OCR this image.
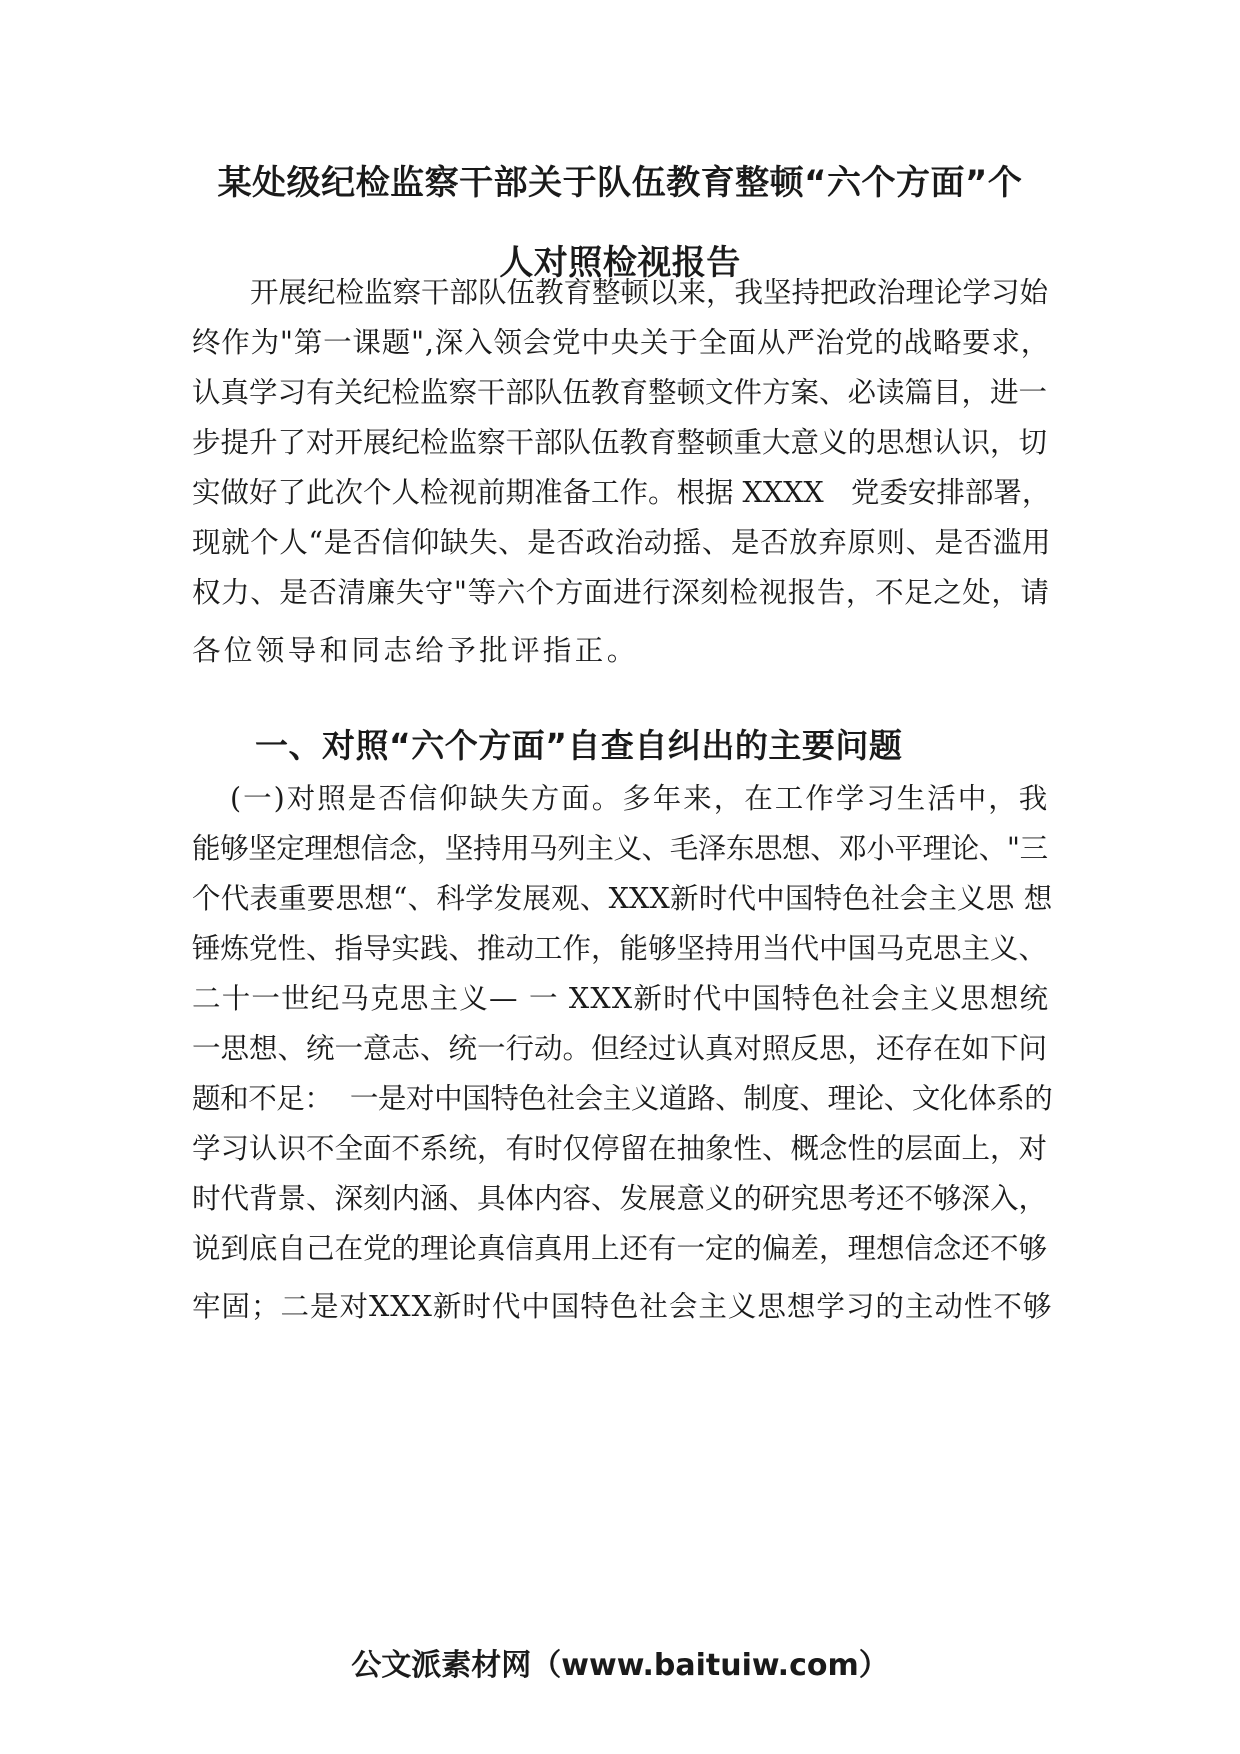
某处级纪检监察干部关于队伍教育整顿“六个方面”个
人对照检视报告
开展纪检监察干部队伍教育整顿以来，我坚持把政治理论学习始
终作为"第一课题",深入领会党中央关于全面从严治党的战略要求，
认真学习有关纪检监察干部队伍教育整顿文件方案、必读篇目，进一
步提升了对开展纪检监察干部队伍教育整顿重大意义的思想认识，切
实做好了此次个人检视前期准备工作。根据 XXXX   党委安排部署，
现就个人“是否信仰缺失、是否政治动摇、是否放弃原则、是否滥用
权力、是否清廉失守"等六个方面进行深刻检视报告，不足之处，请
各位领导和同志给予批评指正。
一、对照“六个方面”自查自纠出的主要问题
(一)对照是否信仰缺失方面。多年来，在工作学习生活中，我
能够坚定理想信念，坚持用马列主义、毛泽东思想、邓小平理论、"三
个代表重要思想“、科学发展观、XXX新时代中国特色社会主义思 想
锤炼党性、指导实践、推动工作，能够坚持用当代中国马克思主义、
二十一世纪马克思主义— 一 XXX新时代中国特色社会主义思想统
一思想、统一意志、统一行动。但经过认真对照反思，还存在如下问
题和不足：  一是对中国特色社会主义道路、制度、理论、文化体系的
学习认识不全面不系统，有时仅停留在抽象性、概念性的层面上，对
时代背景、深刻内涵、具体内容、发展意义的研究思考还不够深入，
说到底自己在党的理论真信真用上还有一定的偏差，理想信念还不够
牢固；二是对XXX新时代中国特色社会主义思想学习的主动性不够
公文派素材网（www.baituiw.com）
